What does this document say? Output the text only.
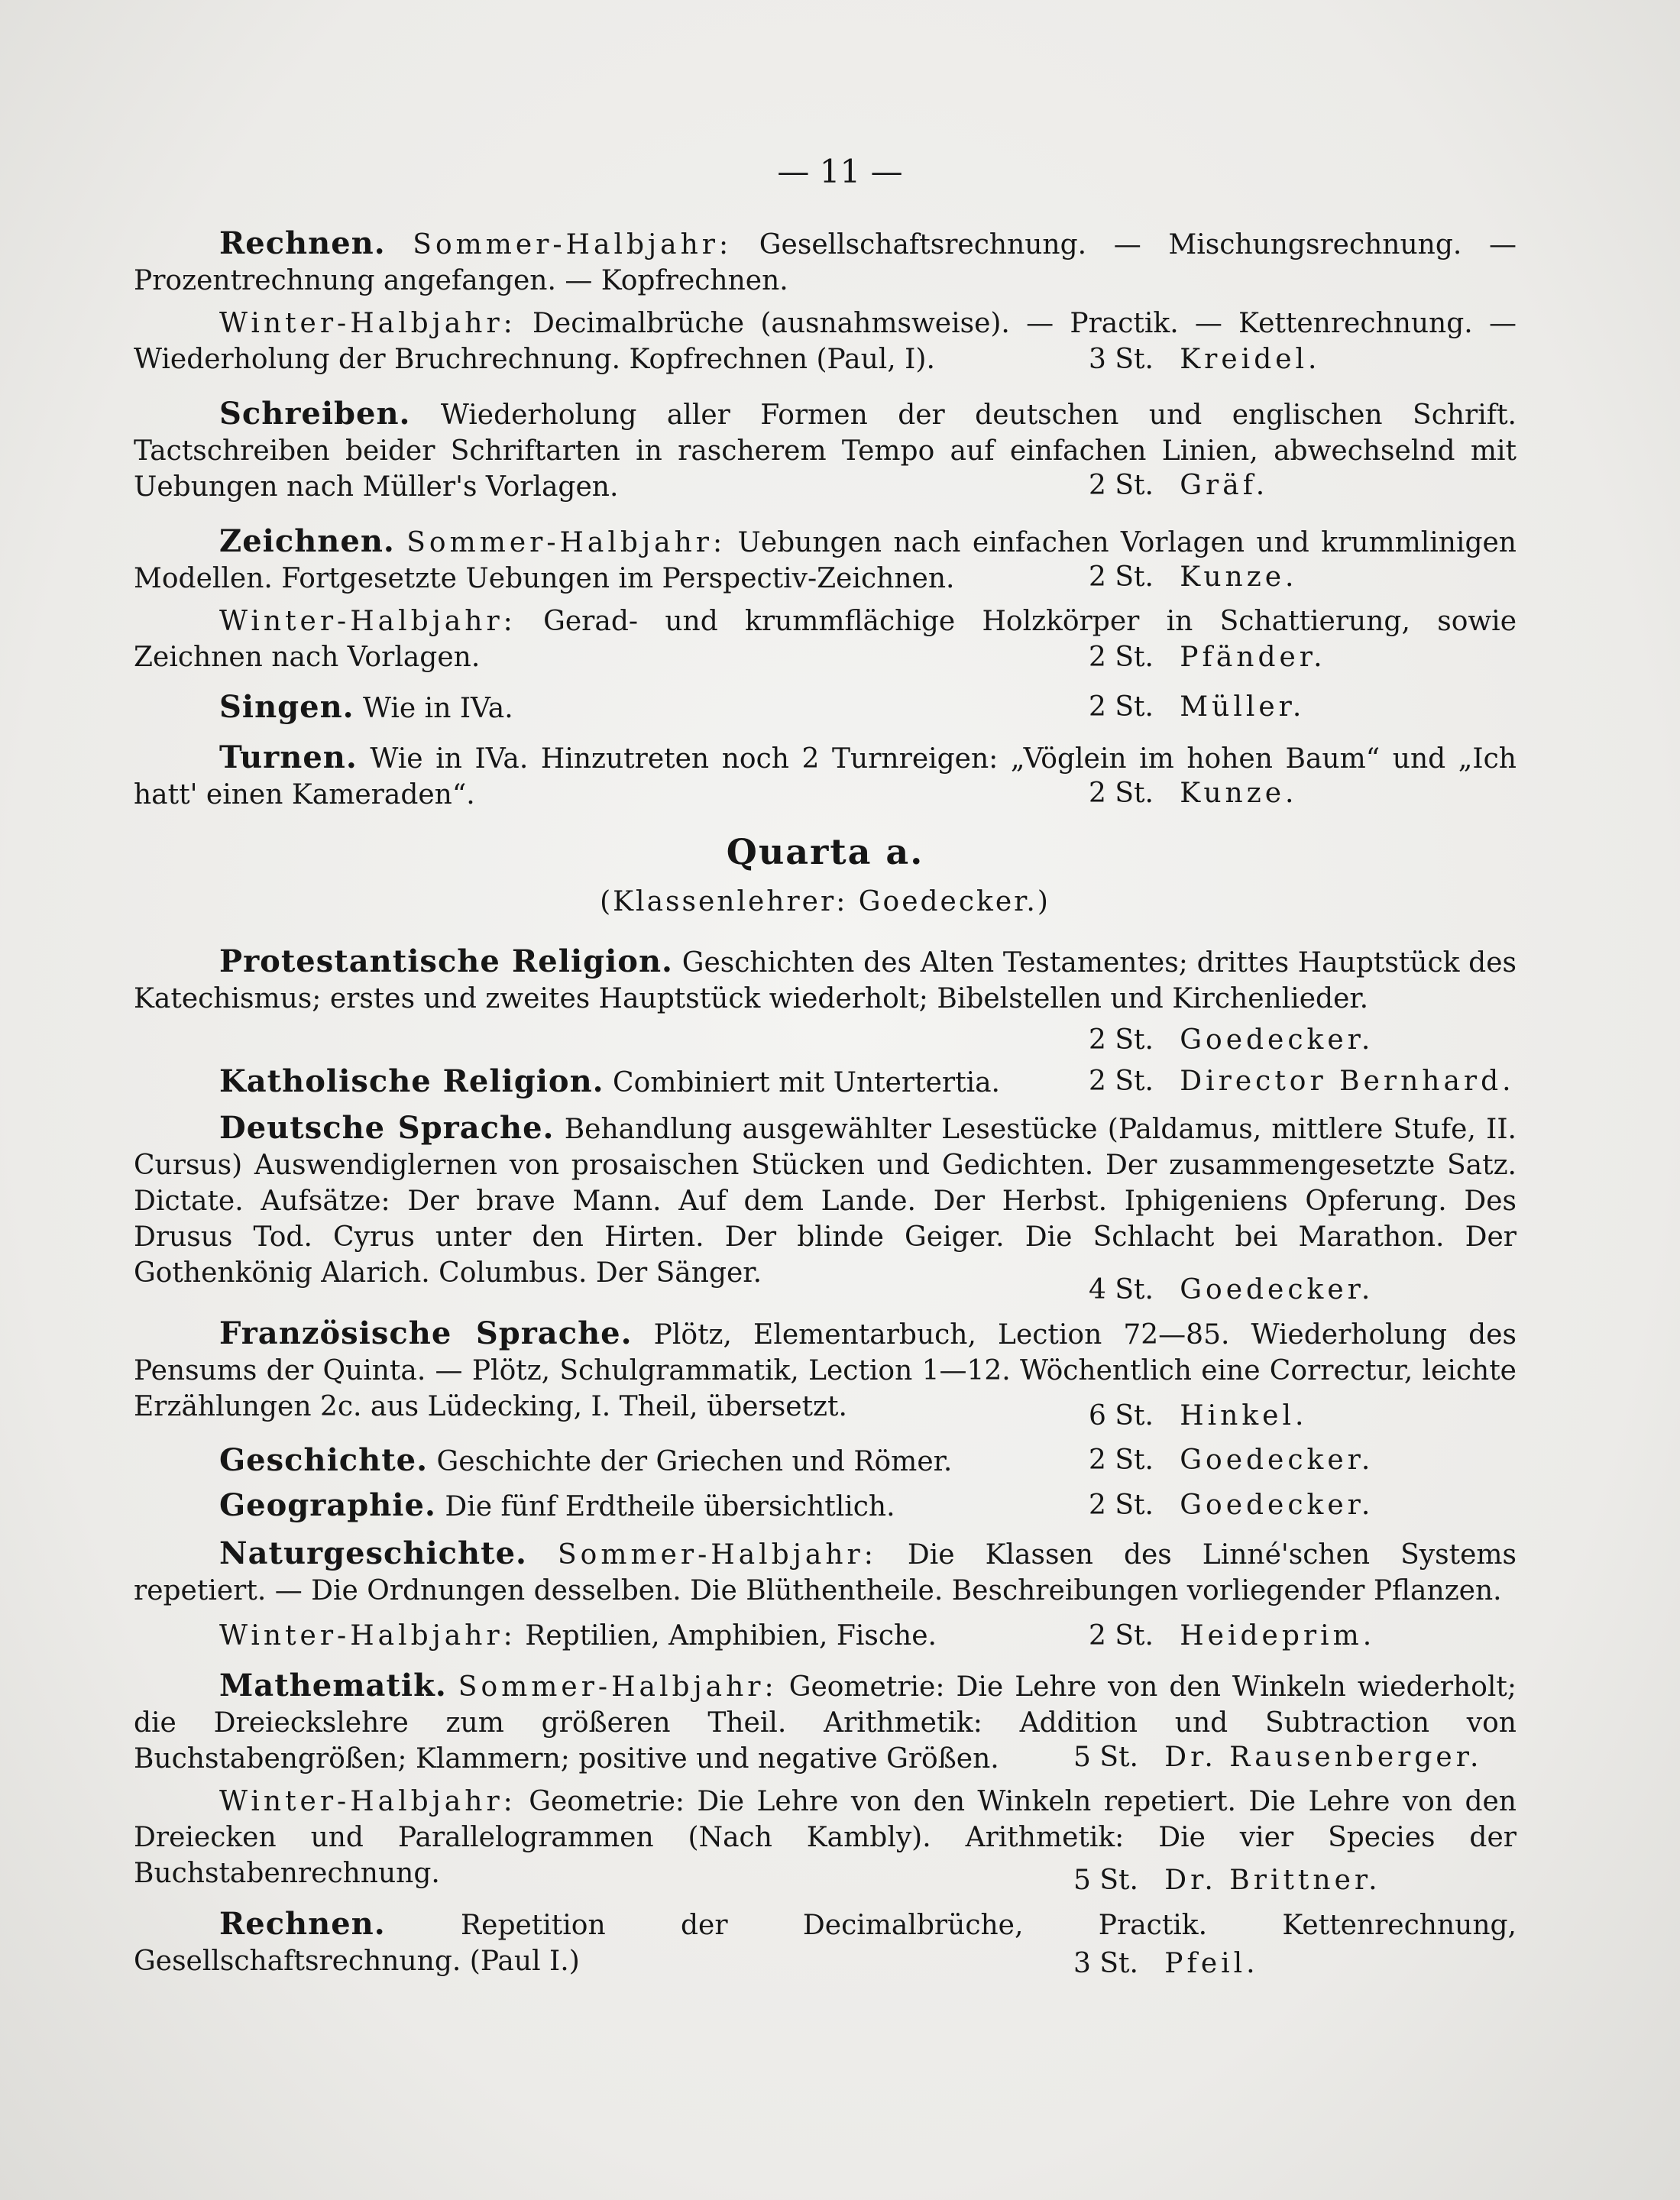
— 11 —

Rechnen. Sommer-Halbjahr: Gesellschaftsrechnung. — Mischungsrechnung. — Prozentrechnung angefangen. — Kopfrechnen.

Winter-Halbjahr: Decimalbrüche (ausnahmsweise). — Practik. — Kettenrechnung. — Wiederholung der Bruchrechnung. Kopfrechnen (Paul, I).	3 St. Kreidel.

Schreiben. Wiederholung aller Formen der deutschen und englischen Schrift. Tactschreiben beider Schriftarten in rascherem Tempo auf einfachen Linien, abwechselnd mit Uebungen nach Müller's Vorlagen.	2 St. Gräf.

Zeichnen. Sommer-Halbjahr: Uebungen nach einfachen Vorlagen und krummlinigen Modellen. Fortgesetzte Uebungen im Perspectiv-Zeichnen.	2 St. Kunze.

Winter-Halbjahr: Gerad- und krummflächige Holzkörper in Schattierung, sowie Zeichnen nach Vorlagen.	2 St. Pfänder.

Singen. Wie in IVa.	2 St. Müller.

Turnen. Wie in IVa. Hinzutreten noch 2 Turnreigen: „Vöglein im hohen Baum“ und „Ich hatt' einen Kameraden“.	2 St. Kunze.
Quarta a.
(Klassenlehrer: Goedecker.)

Protestantische Religion. Geschichten des Alten Testamentes; drittes Hauptstück des Katechismus; erstes und zweites Hauptstück wiederholt; Bibelstellen und Kirchenlieder.

2 St. Goedecker.

Katholische Religion. Combiniert mit Untertertia.	2 St. Director Bernhard.

Deutsche Sprache. Behandlung ausgewählter Lesestücke (Paldamus, mittlere Stufe, II. Cursus) Auswendiglernen von prosaischen Stücken und Gedichten. Der zusammengesetzte Satz. Dictate. Aufsätze: Der brave Mann. Auf dem Lande. Der Herbst. Iphigeniens Opferung. Des Drusus Tod. Cyrus unter den Hirten. Der blinde Geiger. Die Schlacht bei Marathon. Der Gothenkönig Alarich. Columbus. Der Sänger.

4 St. Goedecker.

Französische Sprache. Plötz, Elementarbuch, Lection 72—85. Wiederholung des Pensums der Quinta. — Plötz, Schulgrammatik, Lection 1—12. Wöchentlich eine Correctur, leichte Erzählungen 2c. aus Lüdecking, I. Theil, übersetzt.	6 St. Hinkel.

Geschichte. Geschichte der Griechen und Römer.	2 St. Goedecker.

Geographie. Die fünf Erdtheile übersichtlich.	2 St. Goedecker.

Naturgeschichte. Sommer-Halbjahr: Die Klassen des Linné'schen Systems repetiert. — Die Ordnungen desselben. Die Blüthentheile. Beschreibungen vorliegender Pflanzen.

Winter-Halbjahr: Reptilien, Amphibien, Fische.	2 St. Heideprim.

Mathematik. Sommer-Halbjahr: Geometrie: Die Lehre von den Winkeln wiederholt; die Dreieckslehre zum größeren Theil. Arithmetik: Addition und Subtraction von Buchstabengrößen; Klammern; positive und negative Größen.	5 St. Dr. Rausenberger.

Winter-Halbjahr: Geometrie: Die Lehre von den Winkeln repetiert. Die Lehre von den Dreiecken und Parallelogrammen (Nach Kambly). Arithmetik: Die vier Species der Buchstabenrechnung.	5 St. Dr. Brittner.

Rechnen.	Repetition der Decimalbrüche, Practik. Kettenrechnung, Gesellschaftsrechnung. (Paul I.)	3 St. Pfeil.
